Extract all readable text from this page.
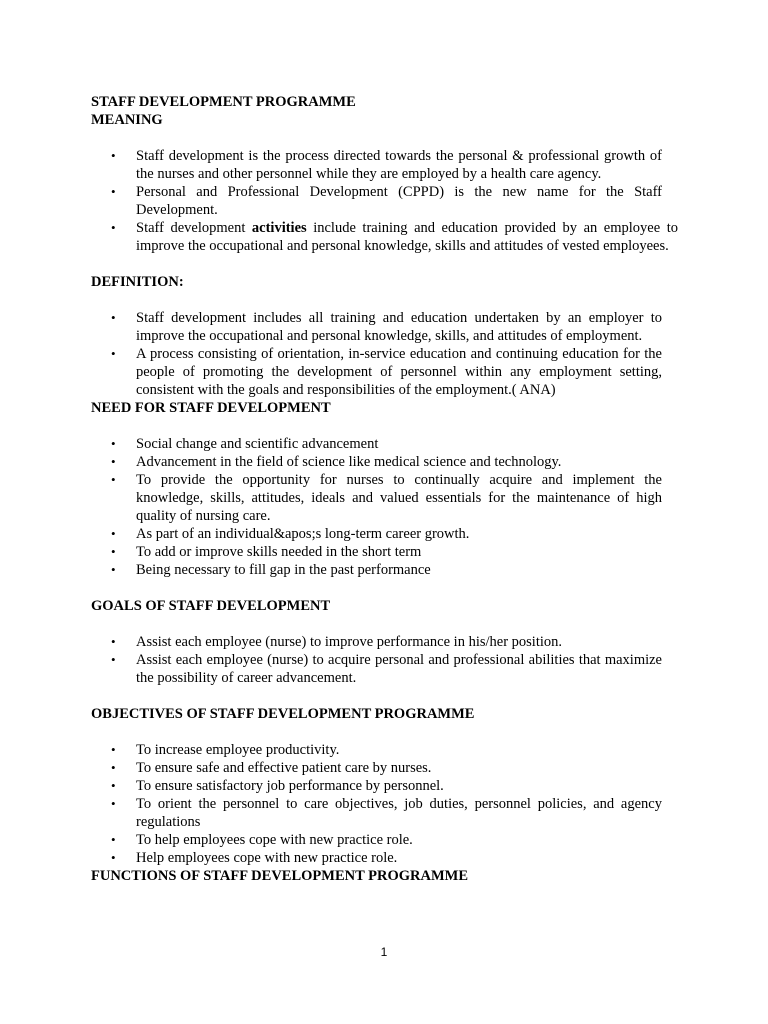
STAFF DEVELOPMENT PROGRAMME

MEANING

• Staff development is the process directed towards the personal & professional growth of the nurses and other personnel while they are employed by a health care agency.
• Personal and Professional Development (CPPD) is the new name for the Staff Development.
• Staff development activities include training and education provided by an employee to improve the occupational and personal knowledge, skills and attitudes of vested employees.

DEFINITION:

• Staff development includes all training and education undertaken by an employer to improve the occupational and personal knowledge, skills, and attitudes of employment.
• A process consisting of orientation, in-service education and continuing education for the people of promoting the development of personnel within any employment setting, consistent with the goals and responsibilities of the employment.( ANA)

NEED FOR STAFF DEVELOPMENT

• Social change and scientific advancement
• Advancement in the field of science like medical science and technology.
• To provide the opportunity for nurses to continually acquire and implement the knowledge, skills, attitudes, ideals and valued essentials for the maintenance of high quality of nursing care.
• As part of an individual&apos;s long-term career growth.
• To add or improve skills needed in the short term
• Being necessary to fill gap in the past performance

GOALS OF STAFF DEVELOPMENT

• Assist each employee (nurse) to improve performance in his/her position.
• Assist each employee (nurse) to acquire personal and professional abilities that maximize the possibility of career advancement.

OBJECTIVES OF STAFF DEVELOPMENT PROGRAMME

• To increase employee productivity.
• To ensure safe and effective patient care by nurses.
• To ensure satisfactory job performance by personnel.
• To orient the personnel to care objectives, job duties, personnel policies, and agency regulations
• To help employees cope with new practice role.
• Help employees cope with new practice role.

FUNCTIONS OF STAFF DEVELOPMENT PROGRAMME

1
